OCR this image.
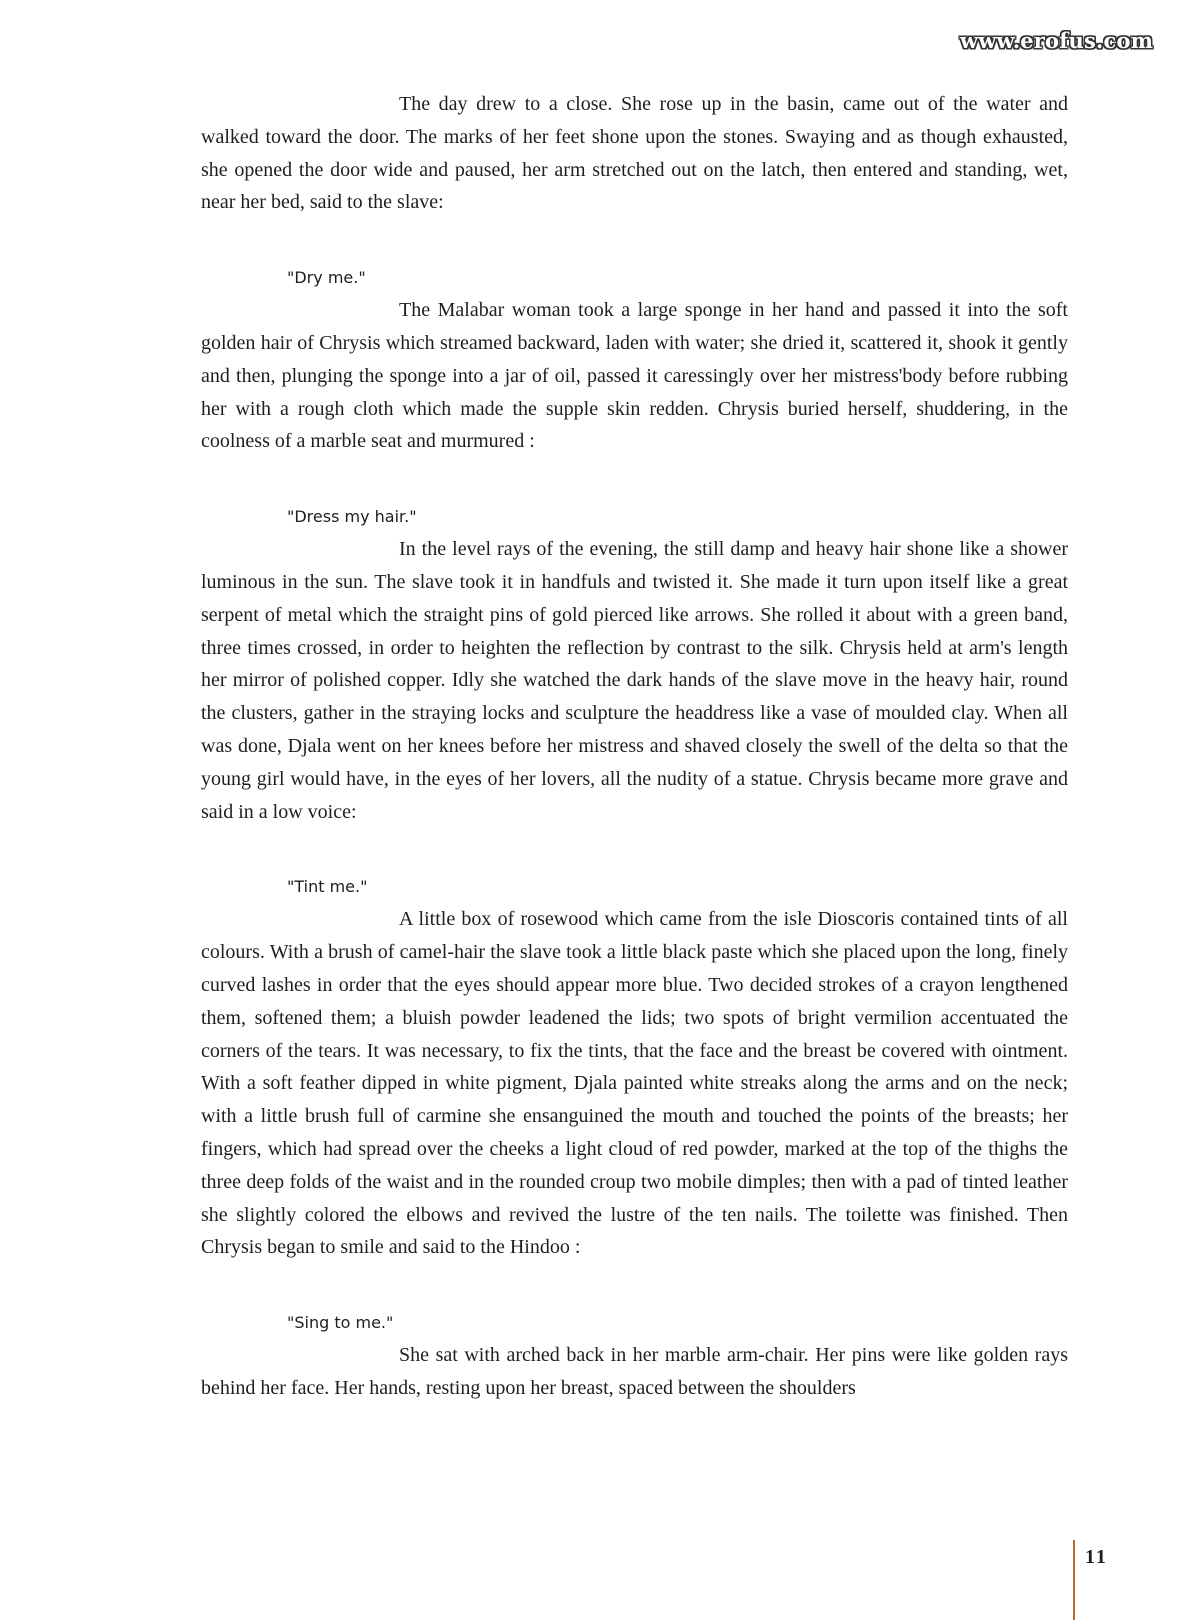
www.erofus.com

The day drew to a close. She rose up in the basin, came out of the water and walked toward the door. The marks of her feet shone upon the stones. Swaying and as though exhausted, she opened the door wide and paused, her arm stretched out on the latch, then entered and standing, wet, near her bed, said to the slave:

"Dry me."

The Malabar woman took a large sponge in her hand and passed it into the soft golden hair of Chrysis which streamed backward, laden with water; she dried it, scattered it, shook it gently and then, plunging the sponge into a jar of oil, passed it caressingly over her mistress'body before rubbing her with a rough cloth which made the supple skin redden. Chrysis buried herself, shuddering, in the coolness of a marble seat and murmured :

"Dress my hair."

In the level rays of the evening, the still damp and heavy hair shone like a shower luminous in the sun. The slave took it in handfuls and twisted it. She made it turn upon itself like a great serpent of metal which the straight pins of gold pierced like arrows. She rolled it about with a green band, three times crossed, in order to heighten the reflection by contrast to the silk. Chrysis held at arm's length her mirror of polished copper. Idly she watched the dark hands of the slave move in the heavy hair, round the clusters, gather in the straying locks and sculpture the headdress like a vase of moulded clay. When all was done, Djala went on her knees before her mistress and shaved closely the swell of the delta so that the young girl would have, in the eyes of her lovers, all the nudity of a statue. Chrysis became more grave and said in a low voice:

"Tint me."

A little box of rosewood which came from the isle Dioscoris contained tints of all colours. With a brush of camel-hair the slave took a little black paste which she placed upon the long, finely curved lashes in order that the eyes should appear more blue. Two decided strokes of a crayon lengthened them, softened them; a bluish powder leadened the lids; two spots of bright vermilion accentuated the corners of the tears. It was necessary, to fix the tints, that the face and the breast be covered with ointment. With a soft feather dipped in white pigment, Djala painted white streaks along the arms and on the neck; with a little brush full of carmine she ensanguined the mouth and touched the points of the breasts; her fingers, which had spread over the cheeks a light cloud of red powder, marked at the top of the thighs the three deep folds of the waist and in the rounded croup two mobile dimples; then with a pad of tinted leather she slightly colored the elbows and revived the lustre of the ten nails. The toilette was finished. Then Chrysis began to smile and said to the Hindoo :

"Sing to me."

She sat with arched back in her marble arm-chair. Her pins were like golden rays behind her face. Her hands, resting upon her breast, spaced between the shoulders

11
